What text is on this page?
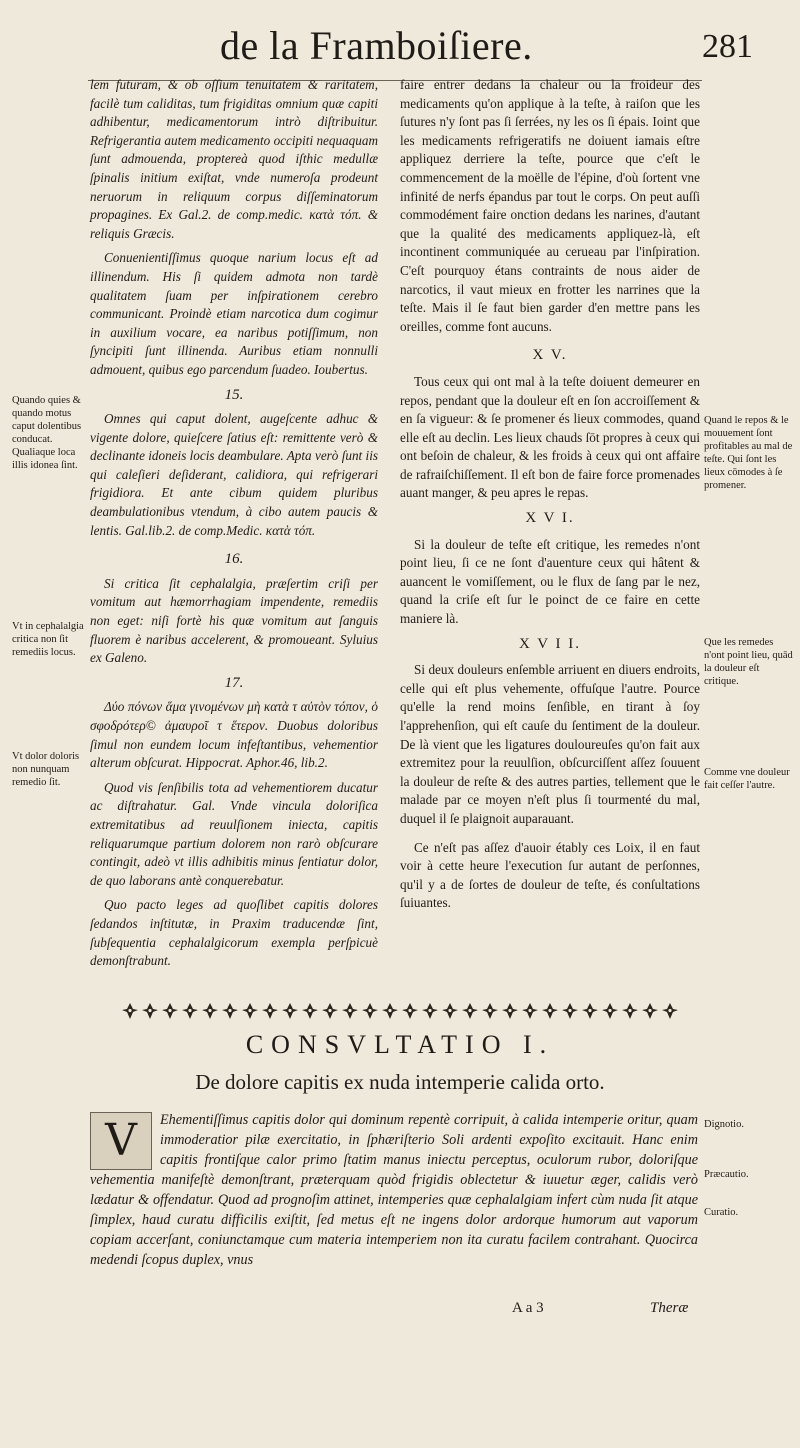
de la Framboiſiere.	281

lem futuram, & ob oſſium tenuitatem & raritatem, facilè tum caliditas, tum frigiditas omnium quæ capiti adhibentur, medicamentorum intrò diſtribuitur. Refrigerantia autem medicamento occipiti nequaquam ſunt admouenda, proptereà quod iſthic medullæ ſpinalis initium exiſtat, vnde numeroſa prodeunt neruorum in reliquum corpus diſſeminatorum propagines. Ex Gal.2. de comp.medic. κατὰ τόπ. & reliquis Græcis.

Conuenientiſſimus quoque narium locus eſt ad illinendum. His ſi quidem admota non tardè qualitatem ſuam per inſpirationem cerebro communicant. Proindè etiam narcotica dum cogimur in auxilium vocare, ea naribus potiſſimum, non ſyncipiti ſunt illinenda. Auribus etiam nonnulli admouent, quibus ego parcendum ſuadeo. Ioubertus.

15.

Omnes qui caput dolent, augeſcente adhuc & vigente dolore, quieſcere ſatius eſt: remittente verò & declinante idoneis locis deambulare. Apta verò ſunt iis qui caleſieri deſiderant, calidiora, qui refrigerari frigidiora. Et ante cibum quidem pluribus deambulationibus vtendum, à cibo autem paucis & lentis. Gal.lib.2. de comp.Medic. κατὰ τόπ.

16.

Si critica ſit cephalalgia, præſertim criſi per vomitum aut hæmorrhagiam impendente, remediis non eget: niſi fortè his quæ vomitum aut ſanguis fluorem è naribus accelerent, & promoueant. Syluius ex Galeno.

17.

Δύο πόνων ἅμα γινομένων μὴ κατὰ τ αὐτὸν τόπον, ὁ σφοδρότερ© ἀμαυροῖ τ ἕτερον. Duobus doloribus ſimul non eundem locum infeſtantibus, vehementior alterum obſcurat. Hippocrat. Aphor.46, lib.2.

Quod vis ſenſibilis tota ad vehementiorem ducatur ac diſtrahatur. Gal. Vnde vincula doloriſica extremitatibus ad reuulſionem iniecta, capitis reliquarumque partium dolorem non rarò obſcurare contingit, adeò vt illis adhibitis minus ſentiatur dolor, de quo laborans antè conquerebatur.

Quo pacto leges ad quoſlibet capitis dolores ſedandos inſtitutæ, in Praxim traducendæ ſint, ſubſequentia cephalalgicorum exempla perſpicuè demonſtrabunt.

faire entrer dedans la chaleur ou la froideur des medicaments qu'on applique à la teſte, à raiſon que les ſutures n'y ſont pas ſi ſerrées, ny les os ſi épais. Ioint que les medicaments refrigeratifs ne doiuent iamais eſtre appliquez derriere la teſte, pource que c'eſt le commencement de la moëlle de l'épine, d'où ſortent vne infinité de nerfs épandus par tout le corps. On peut auſſi commodément faire onction dedans les narines, d'autant que la qualité des medicaments appliquez-là, eſt incontinent communiquée au cerueau par l'inſpiration. C'eſt pourquoy étans contraints de nous aider de narcotics, il vaut mieux en frotter les narrines que la teſte. Mais il ſe faut bien garder d'en mettre pans les oreilles, comme font aucuns.

X V.

Tous ceux qui ont mal à la teſte doiuent demeurer en repos, pendant que la douleur eſt en ſon accroiſſement & en ſa vigueur: & ſe promener és lieux commodes, quand elle eſt au declin. Les lieux chauds ſōt propres à ceux qui ont beſoin de chaleur, & les froids à ceux qui ont affaire de rafraiſchiſſement. Il eſt bon de faire force promenades auant manger, & peu apres le repas.

X V I.

Si la douleur de teſte eſt critique, les remedes n'ont point lieu, ſi ce ne ſont d'auenture ceux qui hâtent & auancent le vomiſſement, ou le flux de ſang par le nez, quand la criſe eſt ſur le poinct de ce faire en cette maniere là.

X V I I.

Si deux douleurs enſemble arriuent en diuers endroits, celle qui eſt plus vehemente, offuſque l'autre. Pource qu'elle la rend moins ſenſible, en tirant à ſoy l'apprehenſion, qui eſt cauſe du ſentiment de la douleur. De là vient que les ligatures douloureuſes qu'on fait aux extremitez pour la reuulſion, obſcurciſſent aſſez ſouuent la douleur de reſte & des autres parties, tellement que le malade par ce moyen n'eſt plus ſi tourmenté du mal, duquel il ſe plaignoit auparauant.

Ce n'eſt pas aſſez d'auoir étably ces Loix, il en faut voir à cette heure l'execution ſur autant de perſonnes, qu'il y a de ſortes de douleur de teſte, és conſultations ſuiuantes.

Quando quies & quando motus caput dolentibus conducat. Qualiaque loca illis idonea ſint.
Vt in cephalalgia critica non ſit remediis locus.
Vt dolor doloris non nunquam remedio ſit.
Quand le repos & le mouuement ſont profitables au mal de teſte. Qui ſont les lieux cōmodes à ſe promener.
Que les remedes n'ont point lieu, quād la douleur eſt critique.
Comme vne douleur fait ceſſer l'autre.
Dignotio.
Præcautio.
Curatio.
CONSVLTATIO I.
De dolore capitis ex nuda intemperie calida orto.
V	Ehementiſſimus capitis dolor qui dominum repentè corripuit, à calida intemperie oritur, quam immoderatior pilæ exercitatio, in ſphæriſterio Soli ardenti expoſito excitauit. Hanc enim capitis frontiſque calor primo ſtatim manus iniectu perceptus, oculorum rubor, doloriſque vehementia manifeſtè demonſtrant, præterquam quòd frigidis oblectetur & iuuetur æger, calidis verò lædatur & offendatur. Quod ad prognoſim attinet, intemperies quæ cephalalgiam infert cùm nuda ſit atque ſimplex, haud curatu difficilis exiſtit, ſed metus eſt ne ingens dolor ardorque humorum aut vaporum copiam accerſant, coniunctamque cum materia intemperiem non ita curatu facilem contrahant. Quocirca medendi ſcopus duplex, vnus
A a 3	Theræ
